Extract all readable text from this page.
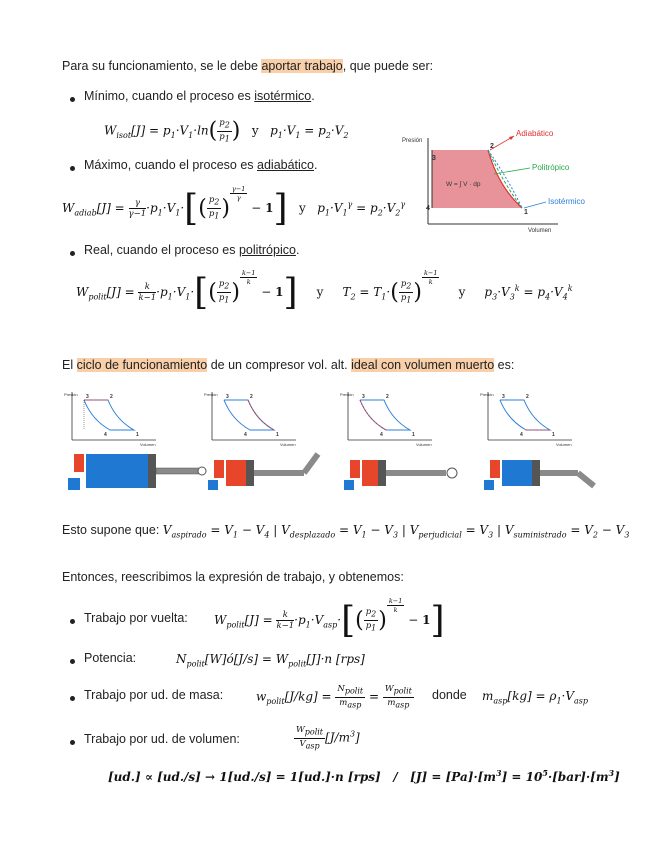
Para su funcionamiento, se le debe aportar trabajo, que puede ser:
Mínimo, cuando el proceso es isotérmico.
$W_{isot}[J] = p_1\cdot V_1\cdot\ln( \frac{p_2}{p_1}$ ) y   $p_1\cdot V_1 = p_2\cdot V_2$
Máximo, cuando el proceso es adiabático.
$W_{adiab}[J] = \frac{\gamma}{\gamma-1} \cdot p_1\cdot V_1\cdot[( \frac{p_2}{p_1}$ )
$^{\frac{\gamma-1}{\gamma}}$
− 1] y   $p_1\cdot V_1^\gamma = p_2\cdot V_2^\gamma$
Real, cuando el proceso es politrópico.
$W_{polit}[J] = \frac{k}{k-1} \cdot p_1\cdot V_1\cdot[( \frac{p_2}{p_1}$ )
$^{\frac{k-1}{k}}$
− 1] y     $T_2 = T_1\cdot( \frac{p_2}{p_1}$ )
$^{\frac{k-1}{k}}$
y     $p_3\cdot V_3^k = p_4\cdot V_4^k$
Presión
Volumen
W = ∫ V · dp
3
2
4
1
Adiabático
Politrópico
Isotérmico
El ciclo de funcionamiento de un compresor vol. alt. ideal con volumen muerto es:
Presión
Volumen
3	2
4	1
Presión
Volumen
3	2
4	1
Presión
Volumen
3	2
4	1
Presión
Volumen
3	2
4	1
Esto supone que: $V_{aspirado} = V_1 - V_4$ | $V_{desplazado} = V_1 - V_3$ | $V_{perjudicial} = V_3$ | $V_{suministrado} = V_2 - V_3$
Entonces, reescribimos la expresión de trabajo, y obtenemos:
Trabajo por vuelta: $W_{polit}[J] = \frac{k}{k-1} \cdot p_1\cdot V_{asp}\cdot[( \frac{p_2}{p_1}$ )
$^{\frac{k-1}{k}}$
− 1]
Potencia:	$N_{polit}[W]ó[J/s] = W_{polit}[J]\cdot n$ [rps]
Trabajo por ud. de masa:	$w_{polit}[J/kg] = \frac{N_{polit}}{m_{asp}} = \frac{W_{polit}}{m_{asp}}$ donde $m_{asp}[kg] = \rho_1\cdot V_{asp}$
Trabajo por ud. de volumen:	$\frac{W_{polit}}{V_{asp}} [J/m^3]$
[ud.] ∝ [ud./s] → 1[ud./s] = 1[ud.]·n $[rps] / [J] = [Pa]\cdot[m^3] = 10^5\cdot[bar]\cdot[m^3]$
